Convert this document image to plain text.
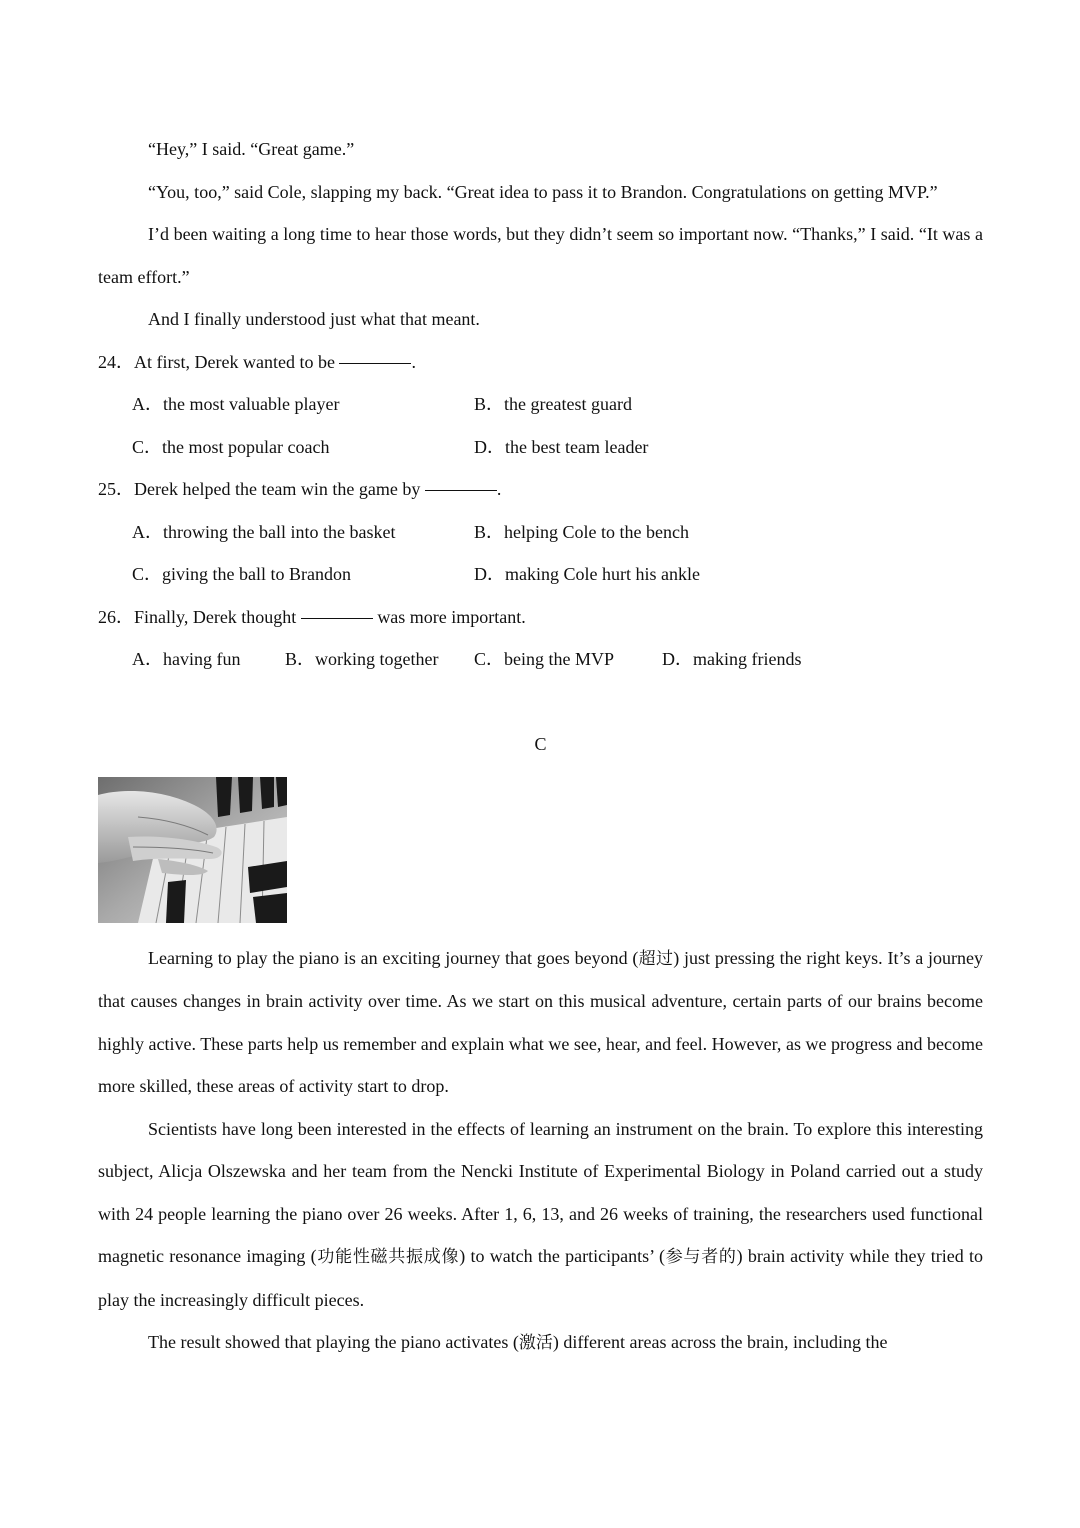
“Hey,” I said. “Great game.”

“You, too,” said Cole, slapping my back. “Great idea to pass it to Brandon. Congratulations on getting MVP.”

I’d been waiting a long time to hear those words, but they didn’t seem so important now. “Thanks,” I said. “It was a team effort.”

And I finally understood just what that meant.

24．At first, Derek wanted to be	.
A．the most valuable player	B．the greatest guard
C．the most popular coach	D．the best team leader
25．Derek helped the team win the game by	.
A．throwing the ball into the basket	B．helping Cole to the bench
C．giving the ball to Brandon	D．making Cole hurt his ankle
26．Finally, Derek thought	was more important.
A．having fun B．working together C．being the MVP	D．making friends
C

Learning to play the piano is an exciting journey that goes beyond (超过) just pressing the right keys. It’s a journey that causes changes in brain activity over time. As we start on this musical adventure, certain parts of our brains become highly active. These parts help us remember and explain what we see, hear, and feel. However, as we progress and become more skilled, these areas of activity start to drop.

Scientists have long been interested in the effects of learning an instrument on the brain. To explore this interesting subject, Alicja Olszewska and her team from the Nencki Institute of Experimental Biology in Poland carried out a study with 24 people learning the piano over 26 weeks. After 1, 6, 13, and 26 weeks of training, the researchers used functional magnetic resonance imaging (功能性磁共振成像) to watch the participants’ (参与者的) brain activity while they tried to play the increasingly difficult pieces.

The result showed that playing the piano activates (激活) different areas across the brain, including the
